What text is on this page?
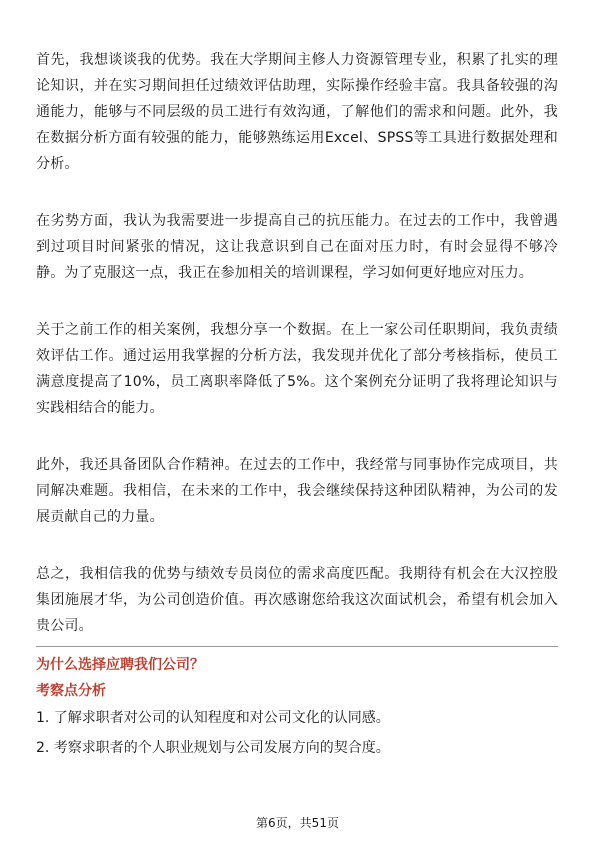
首先，我想谈谈我的优势。我在大学期间主修人力资源管理专业，积累了扎实的理论知识，并在实习期间担任过绩效评估助理，实际操作经验丰富。我具备较强的沟通能力，能够与不同层级的员工进行有效沟通，了解他们的需求和问题。此外，我在数据分析方面有较强的能力，能够熟练运用Excel、SPSS等工具进行数据处理和分析。

在劣势方面，我认为我需要进一步提高自己的抗压能力。在过去的工作中，我曾遇到过项目时间紧张的情况，这让我意识到自己在面对压力时，有时会显得不够冷静。为了克服这一点，我正在参加相关的培训课程，学习如何更好地应对压力。

关于之前工作的相关案例，我想分享一个数据。在上一家公司任职期间，我负责绩效评估工作。通过运用我掌握的分析方法，我发现并优化了部分考核指标，使员工满意度提高了10%，员工离职率降低了5%。这个案例充分证明了我将理论知识与实践相结合的能力。

此外，我还具备团队合作精神。在过去的工作中，我经常与同事协作完成项目，共同解决难题。我相信，在未来的工作中，我会继续保持这种团队精神，为公司的发展贡献自己的力量。

总之，我相信我的优势与绩效专员岗位的需求高度匹配。我期待有机会在大汉控股集团施展才华，为公司创造价值。再次感谢您给我这次面试机会，希望有机会加入贵公司。

为什么选择应聘我们公司？
考察点分析
1. 了解求职者对公司的认知程度和对公司文化的认同感。
2. 考察求职者的个人职业规划与公司发展方向的契合度。
第6页，共51页
